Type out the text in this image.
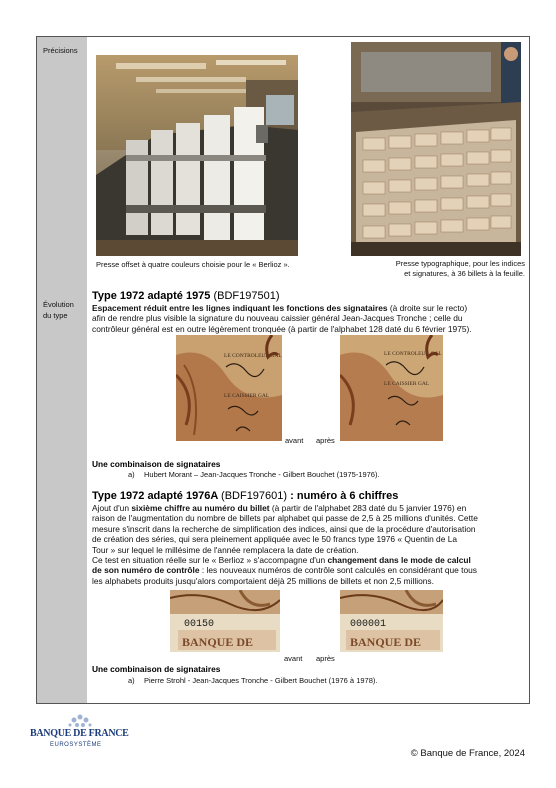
Précisions
Évolution
du type
Presse offset à quatre couleurs choisie pour le « Berlioz ».	Presse typographique, pour les indices
et signatures, à 36 billets à la feuille.
Type 1972 adapté 1975 (BDF197501)
Espacement réduit entre les lignes indiquant les fonctions des signataires (à droite sur le recto)
afin de rendre plus visible la signature du nouveau caissier général Jean-Jacques Tronche ; celle du
contrôleur général est en outre légèrement tronquée (à partir de l'alphabet 128 daté du 6 février 1975).
LE CONTROLEUR GAL
LE CAISSIER GAL
avant après
LE CONTROLEUR GAL
LE CAISSIER GAL
Une combinaison de signataires
a) Hubert Morant – Jean-Jacques Tronche - Gilbert Bouchet (1975-1976).
Type 1972 adapté 1976A (BDF197601) : numéro à 6 chiffres
Ajout d'un sixième chiffre au numéro du billet (à partir de l'alphabet 283 daté du 5 janvier 1976) en
raison de l'augmentation du nombre de billets par alphabet qui passe de 2,5 à 25 millions d'unités. Cette
mesure s'inscrit dans la recherche de simplification des indices, ainsi que de la procédure d'autorisation
de création des séries, qui sera pleinement appliquée avec le 50 francs type 1976 « Quentin de La
Tour » sur lequel le millésime de l'année remplacera la date de création.
Ce test en situation réelle sur le « Berlioz » s'accompagne d'un changement dans le mode de calcul
de son numéro de contrôle : les nouveaux numéros de contrôle sont calculés en considérant que tous
les alphabets produits jusqu'alors comportaient déjà 25 millions de billets et non 2,5 millions.
00150
BANQUE DE
avant après
000001
BANQUE DE
Une combinaison de signataires
a) Pierre Strohl - Jean-Jacques Tronche - Gilbert Bouchet (1976 à 1978).
BANQUE DE FRANCE
EUROSYSTÈME
© Banque de France, 2024
